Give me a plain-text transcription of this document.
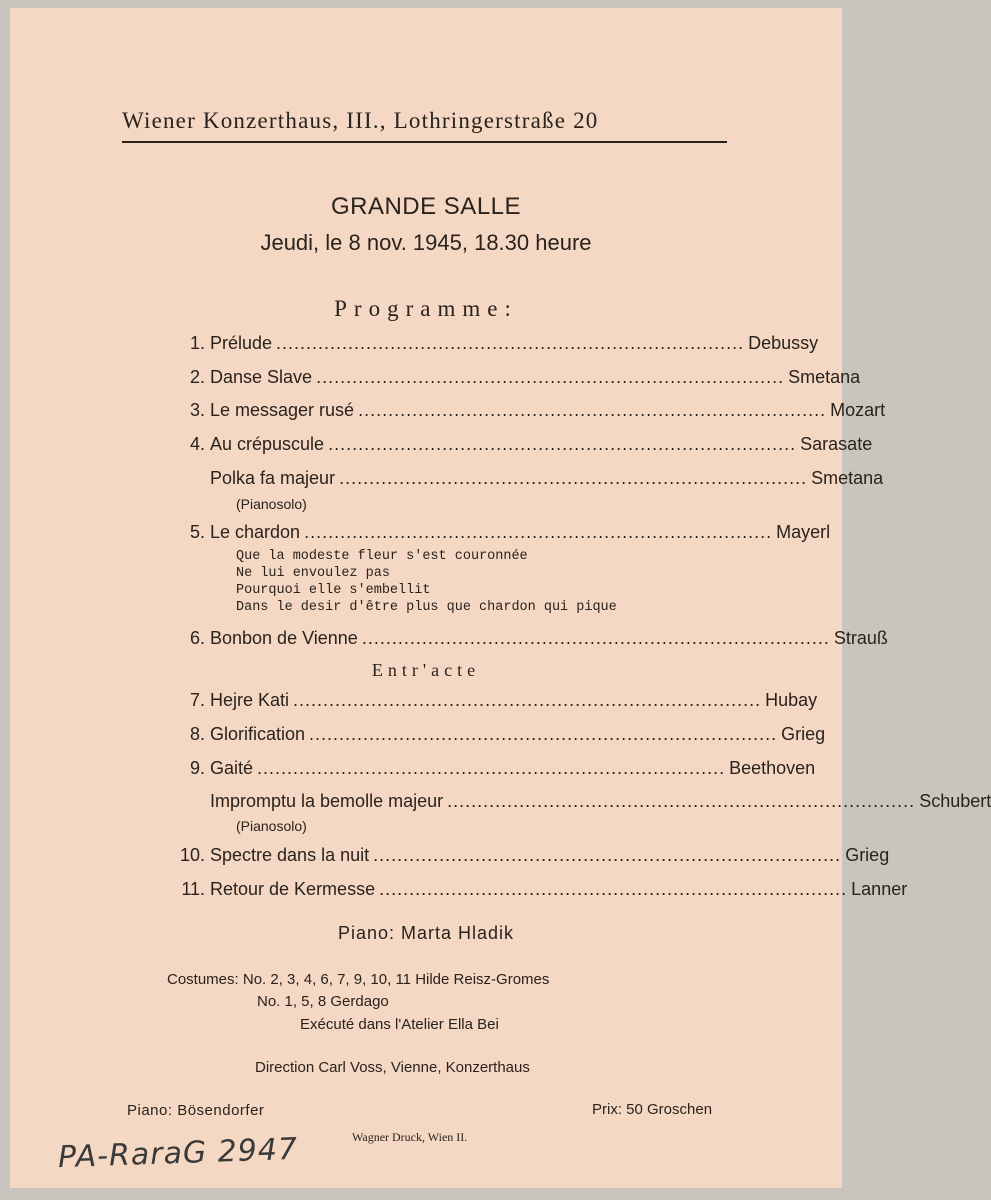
Wiener Konzerthaus, III., Lothringerstraße 20
GRANDE SALLE
Jeudi, le 8 nov. 1945, 18.30 heure
Programme:
1. Prélude .............................................................................. Debussy
2. Danse Slave .............................................................................. Smetana
3. Le messager rusé .............................................................................. Mozart
4. Au crépuscule .............................................................................. Sarasate
Polka fa majeur .............................................................................. Smetana
(Pianosolo)
5. Le chardon .............................................................................. Mayerl
Que la modeste fleur s'est couronnée
Ne lui envoulez pas
Pourquoi elle s'embellit
Dans le desir d'être plus que chardon qui pique
6. Bonbon de Vienne .............................................................................. Strauß
Entr'acte
7. Hejre Kati .............................................................................. Hubay
8. Glorification .............................................................................. Grieg
9. Gaité .............................................................................. Beethoven
Impromptu la bemolle majeur .............................................................................. Schubert
(Pianosolo)
10. Spectre dans la nuit .............................................................................. Grieg
11. Retour de Kermesse .............................................................................. Lanner
Piano: Marta Hladik
Costumes: No. 2, 3, 4, 6, 7, 9, 10, 11 Hilde Reisz-Gromes
No. 1, 5, 8 Gerdago
Exécuté dans l'Atelier Ella Bei
Direction Carl Voss, Vienne, Konzerthaus
Piano: Bösendorfer	Prix: 50 Groschen
Wagner Druck, Wien II.
PA-RaraG 2947
